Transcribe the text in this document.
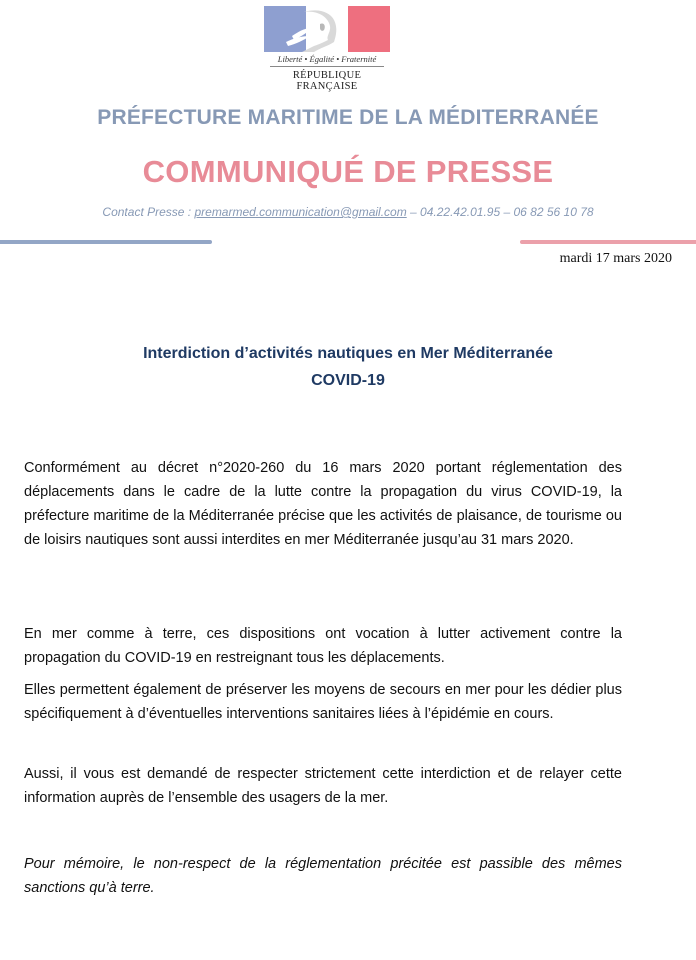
Liberté • Égalité • Fraternité
RÉPUBLIQUE FRANÇAISE
PRÉFECTURE MARITIME DE LA MÉDITERRANÉE
COMMUNIQUÉ DE PRESSE
Contact Presse : premarmed.communication@gmail.com – 04.22.42.01.95 – 06 82 56 10 78
mardi 17 mars 2020
Interdiction d’activités nautiques en Mer Méditerranée
COVID-19

Conformément au décret n°2020-260 du 16 mars 2020 portant réglementation des déplacements dans le cadre de la lutte contre la propagation du virus COVID-19, la préfecture maritime de la Méditerranée précise que les activités de plaisance, de tourisme ou de loisirs nautiques sont aussi interdites en mer Méditerranée jusqu’au 31 mars 2020.

En mer comme à terre, ces dispositions ont vocation à lutter activement contre la propagation du COVID-19 en restreignant tous les déplacements.

Elles permettent également de préserver les moyens de secours en mer pour les dédier plus spécifiquement à d’éventuelles interventions sanitaires liées à l’épidémie en cours.

Aussi, il vous est demandé de respecter strictement cette interdiction et de relayer cette information auprès de l’ensemble des usagers de la mer.

Pour mémoire, le non-respect de la réglementation précitée est passible des mêmes sanctions qu’à terre.
